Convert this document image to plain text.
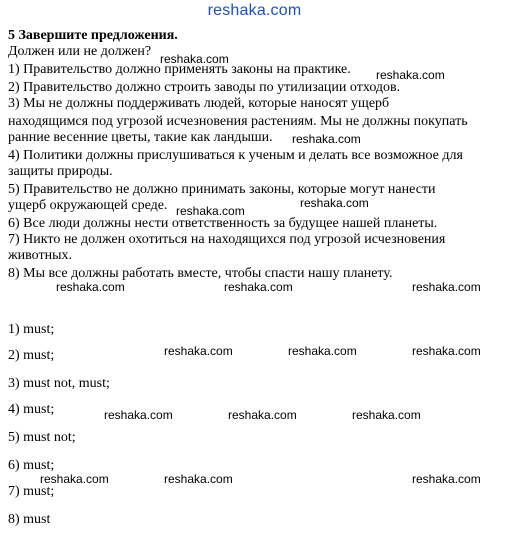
reshaka.com
5 Завершите предложения.
Должен или не должен?
1) Правительство должно применять законы на практике.
2) Правительство должно строить заводы по утилизации отходов.
3) Мы не должны поддерживать людей, которые наносят ущерб
находящимся под угрозой исчезновения растениям. Мы не должны покупать
ранние весенние цветы, такие как ландыши.
4) Политики должны прислушиваться к ученым и делать все возможное для
защиты природы.
5) Правительство не должно принимать законы, которые могут нанести
ущерб окружающей среде.
6) Все люди должны нести ответственность за будущее нашей планеты.
7) Никто не должен охотиться на находящихся под угрозой исчезновения
животных.
8) Мы все должны работать вместе, чтобы спасти нашу планету.
1) must;
2) must;
3) must not, must;
4) must;
5) must not;
6) must;
7) must;
8) must
reshaka.com
reshaka.com
reshaka.com
reshaka.com
reshaka.com
reshaka.com	reshaka.com	reshaka.com
reshaka.com	reshaka.com	reshaka.com
reshaka.com	reshaka.com	reshaka.com
reshaka.com	reshaka.com	reshaka.com
